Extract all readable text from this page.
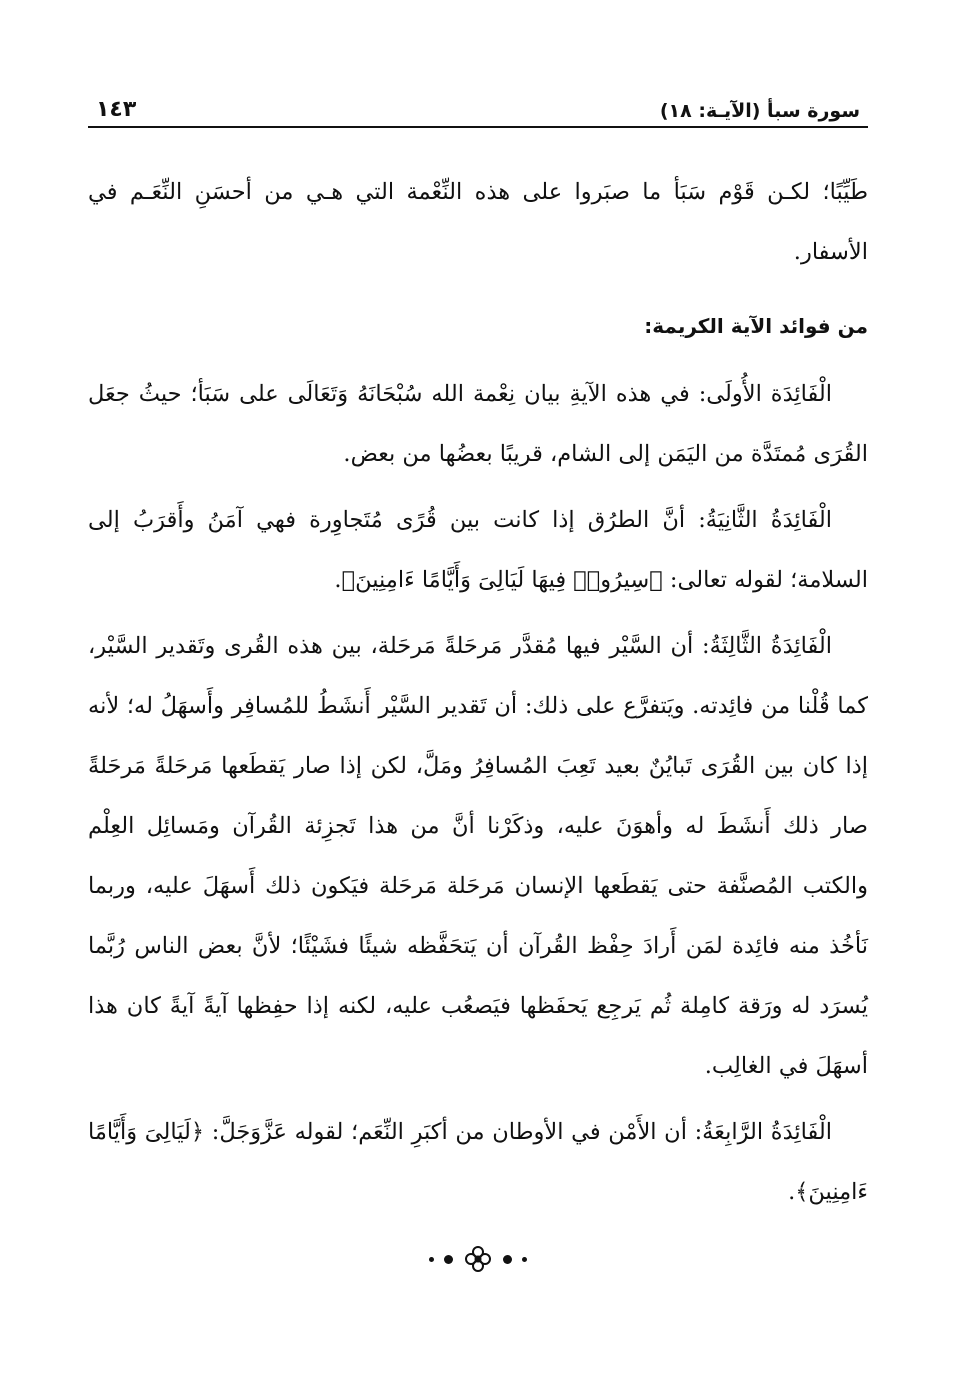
سورة سبأ (الآيـة: ١٨)
١٤٣

طَيِّبًا؛ لكـن قَوْم سَبَأ ما صبَروا على هذه النِّعْمة التي هـي من أحسَنِ النِّعَـم في الأسفار.

من فوائد الآية الكريمة:

الْفَائِدَة الأُولَى: في هذه الآيةِ بيان نِعْمة الله سُبْحَانَهُ وَتَعَالَى على سَبَأ؛ حيثُ جعَل القُرَى مُمتَدَّة من اليَمَن إلى الشام، قريبًا بعضُها من بعض.

الْفَائِدَةُ الثَّانِيَةُ: أنَّ الطرُق إذا كانت بين قُرًى مُتَجاوِرة فهي آمَنُ وأَقرَبُ إلى السلامة؛ لقوله تعالى: ﴿سِيرُوا۟ فِيهَا لَيَالِىَ وَأَيَّامًا ءَامِنِينَ﴾.

الْفَائِدَةُ الثَّالِثَةُ: أن السَّيْر فيها مُقدَّر مَرحَلةً مَرحَلة، بين هذه القُرى وتَقدير السَّيْر، كما قُلْنا من فائِدته. ويَتفرَّع على ذلك: أن تَقدير السَّيْر أَنشَطُ للمُسافِر وأَسهَلُ له؛ لأنه إذا كان بين القُرَى تَبايُنٌ بعيد تَعِبَ المُسافِرُ ومَلَّ، لكن إذا صار يَقطَعها مَرحَلةً مَرحَلةً صار ذلك أَنشَطَ له وأهوَنَ عليه، وذكَرْنا أنَّ من هذا تَجزِئة القُرآن ومَسائِل العِلْم والكتب المُصنَّفة حتى يَقطَعها الإنسان مَرحَلة مَرحَلة فيَكون ذلك أَسهَلَ عليه، وربما نَأخُذ منه فائِدة لمَن أَرادَ حِفْظ القُرآن أن يَتحَفَّظه شيئًا فشَيْئًا؛ لأنَّ بعض الناس رُبَّما يُسرَد له ورَقة كامِلة ثُم يَرجِع يَحفَظها فيَصعُب عليه، لكنه إذا حفِظها آيةً آيةً كان هذا أسهَلَ في الغالِب.

الْفَائِدَةُ الرَّابِعَةُ: أن الأَمْن في الأوطان من أكبَرِ النِّعَم؛ لقوله عَزَّوَجَلَّ: ﴿لَيَالِىَ وَأَيَّامًا ءَامِنِينَ﴾.
